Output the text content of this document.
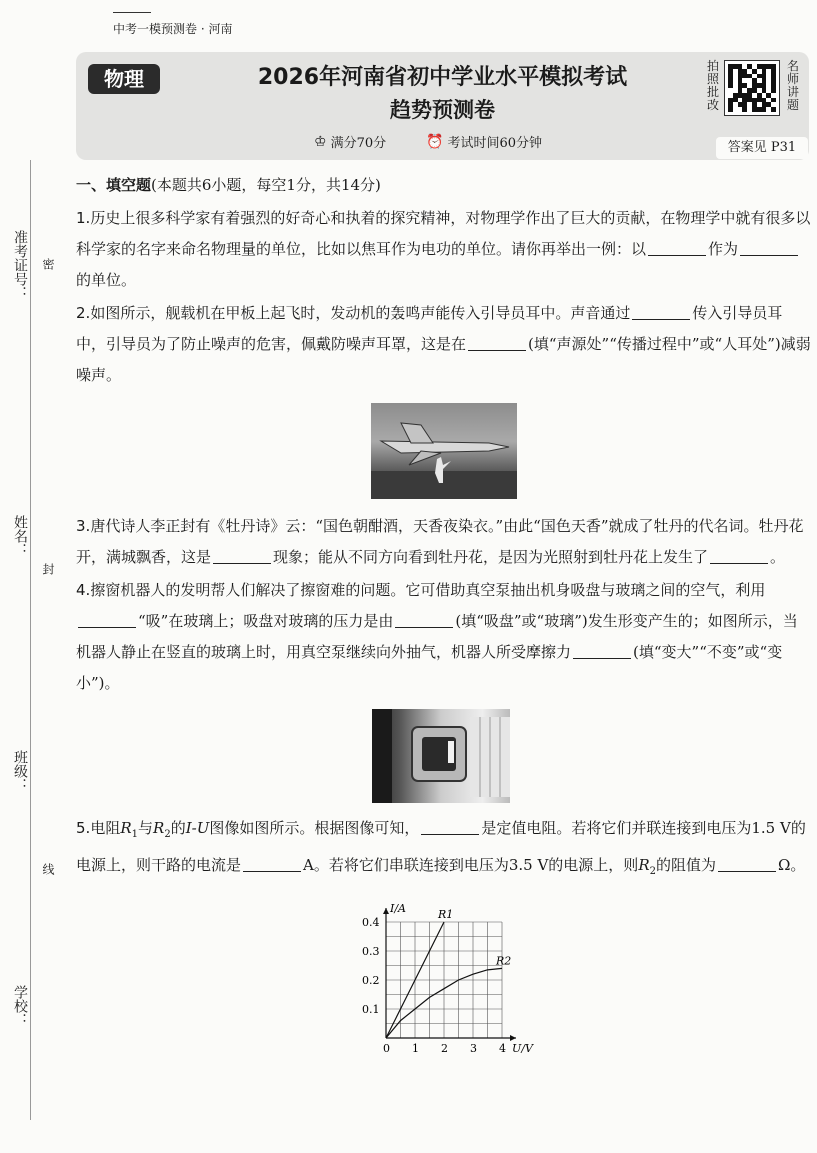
中考一模预测卷 · 河南
物理	2026年河南省初中学业水平模拟考试
趋势预测卷
♔ 满分70分	⏰ 考试时间60分钟
拍照批改
名师讲题
答案见 P31
准考证号： 密
姓名：
封
班级：
线
学校：
一、填空题(本题共6小题，每空1分，共14分)
1.历史上很多科学家有着强烈的好奇心和执着的探究精神，对物理学作出了巨大的贡献，在物理学中就有很多以科学家的名字来命名物理量的单位，比如以焦耳作为电功的单位。请你再举出一例：以	作为的单位。
2.如图所示，舰载机在甲板上起飞时，发动机的轰鸣声能传入引导员耳中。声音通过	传入引导员耳中，引导员为了防止噪声的危害，佩戴防噪声耳罩，这是在	(填“声源处”“传播过程中”或“人耳处”)减弱噪声。
3.唐代诗人李正封有《牡丹诗》云：“国色朝酣酒，天香夜染衣。”由此“国色天香”就成了牡丹的代名词。牡丹花开，满城飘香，这是	现象；能从不同方向看到牡丹花，是因为光照射到牡丹花上发生了	。
4.擦窗机器人的发明帮人们解决了擦窗难的问题。它可借助真空泵抽出机身吸盘与玻璃之间的空气，利用“吸”在玻璃上；吸盘对玻璃的压力是由	(填“吸盘”或“玻璃”)发生形变产生的；如图所示，当机器人静止在竖直的玻璃上时，用真空泵继续向外抽气，机器人所受摩擦力	(填“变大”“不变”或“变小”)。
5.电阻$R_1$与$R_2$的I-U图像如图所示。根据图像可知，	是定值电阻。若将它们并联连接到电压为1.5 V的电源上，则干路的电流是	A。若将它们串联连接到电压为3.5 V的电源上，则$R_2$的阻值为	Ω。
0 1 2 3 4
0.1
0.2
0.3
0.4
U/V
I/A	R1
R2
